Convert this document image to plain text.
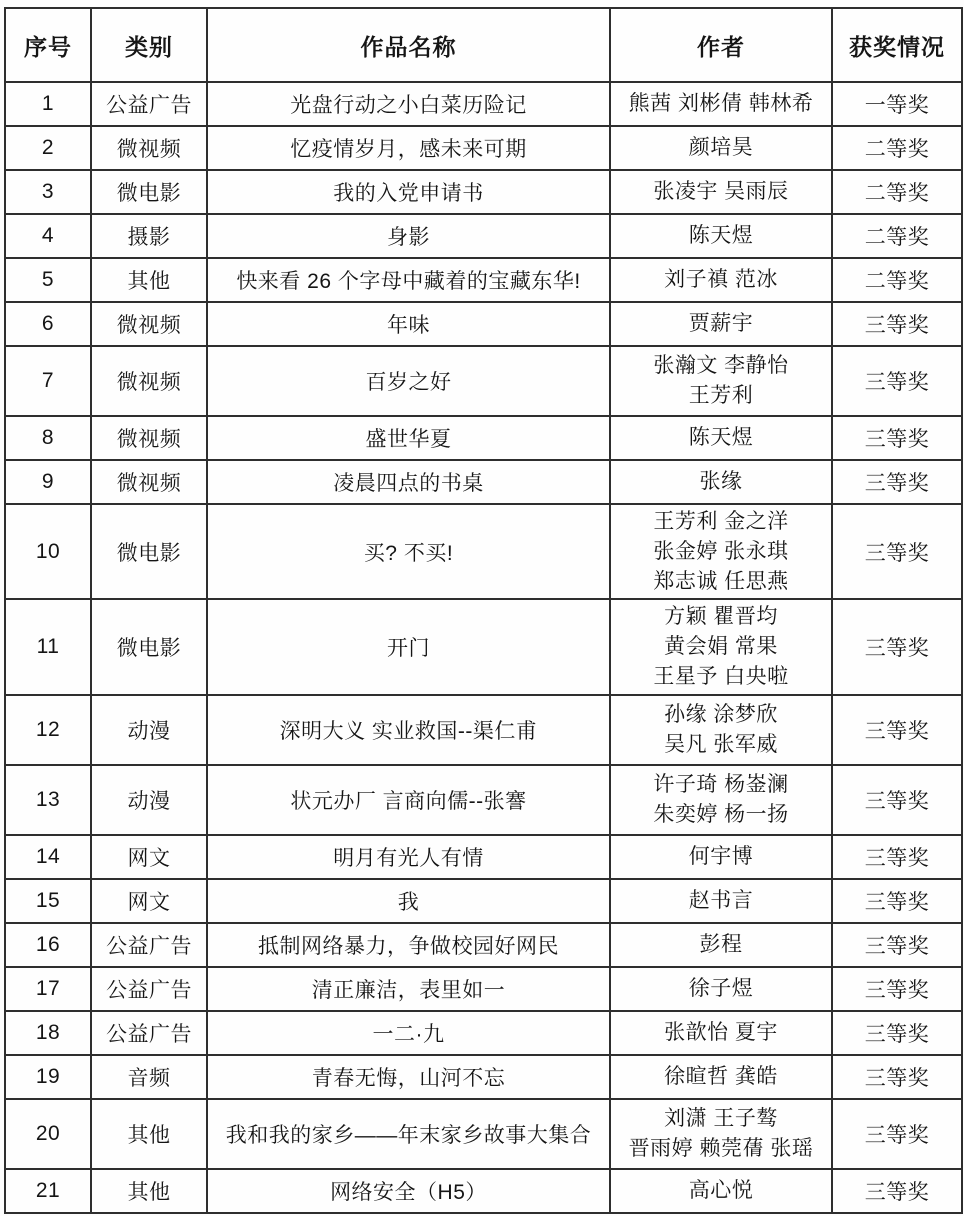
序号	类别	作品名称	作者	获奖情况
1	公益广告	光盘行动之小白菜历险记	熊茜 刘彬倩 韩林希	一等奖
2	微视频	忆疫情岁月，感未来可期	颜培昊	二等奖
3	微电影	我的入党申请书	张凌宇 吴雨辰	二等奖
4	摄影	身影	陈天煜	二等奖
5	其他	快来看 26 个字母中藏着的宝藏东华!	刘子禛 范冰	二等奖
6	微视频	年味	贾薪宇	三等奖
7	微视频	百岁之好	张瀚文 李静怡
王芳利	三等奖
8	微视频	盛世华夏	陈天煜	三等奖
9	微视频	凌晨四点的书桌	张缘	三等奖
10	微电影	买? 不买!	王芳利 金之洋
张金婷 张永琪
郑志诚 任思燕	三等奖
11	微电影	开门	方颖 瞿晋均
黄会娟 常果
王星予 白央啦	三等奖
12	动漫	深明大义 实业救国--渠仁甫	孙缘 涂梦欣
吴凡 张军威	三等奖
13	动漫	状元办厂 言商向儒--张謇	许子琦 杨崟澜
朱奕婷 杨一扬	三等奖
14	网文	明月有光人有情	何宇博	三等奖
15	网文	我	赵书言	三等奖
16	公益广告	抵制网络暴力，争做校园好网民	彭程	三等奖
17	公益广告	清正廉洁，表里如一	徐子煜	三等奖
18	公益广告	一二·九	张歆怡 夏宇	三等奖
19	音频	青春无悔，山河不忘	徐暄哲 龚皓	三等奖
20	其他	我和我的家乡——年末家乡故事大集合	刘潇 王子骜
晋雨婷 赖莞蒨 张瑶	三等奖
21	其他	网络安全（H5）	高心悦	三等奖
